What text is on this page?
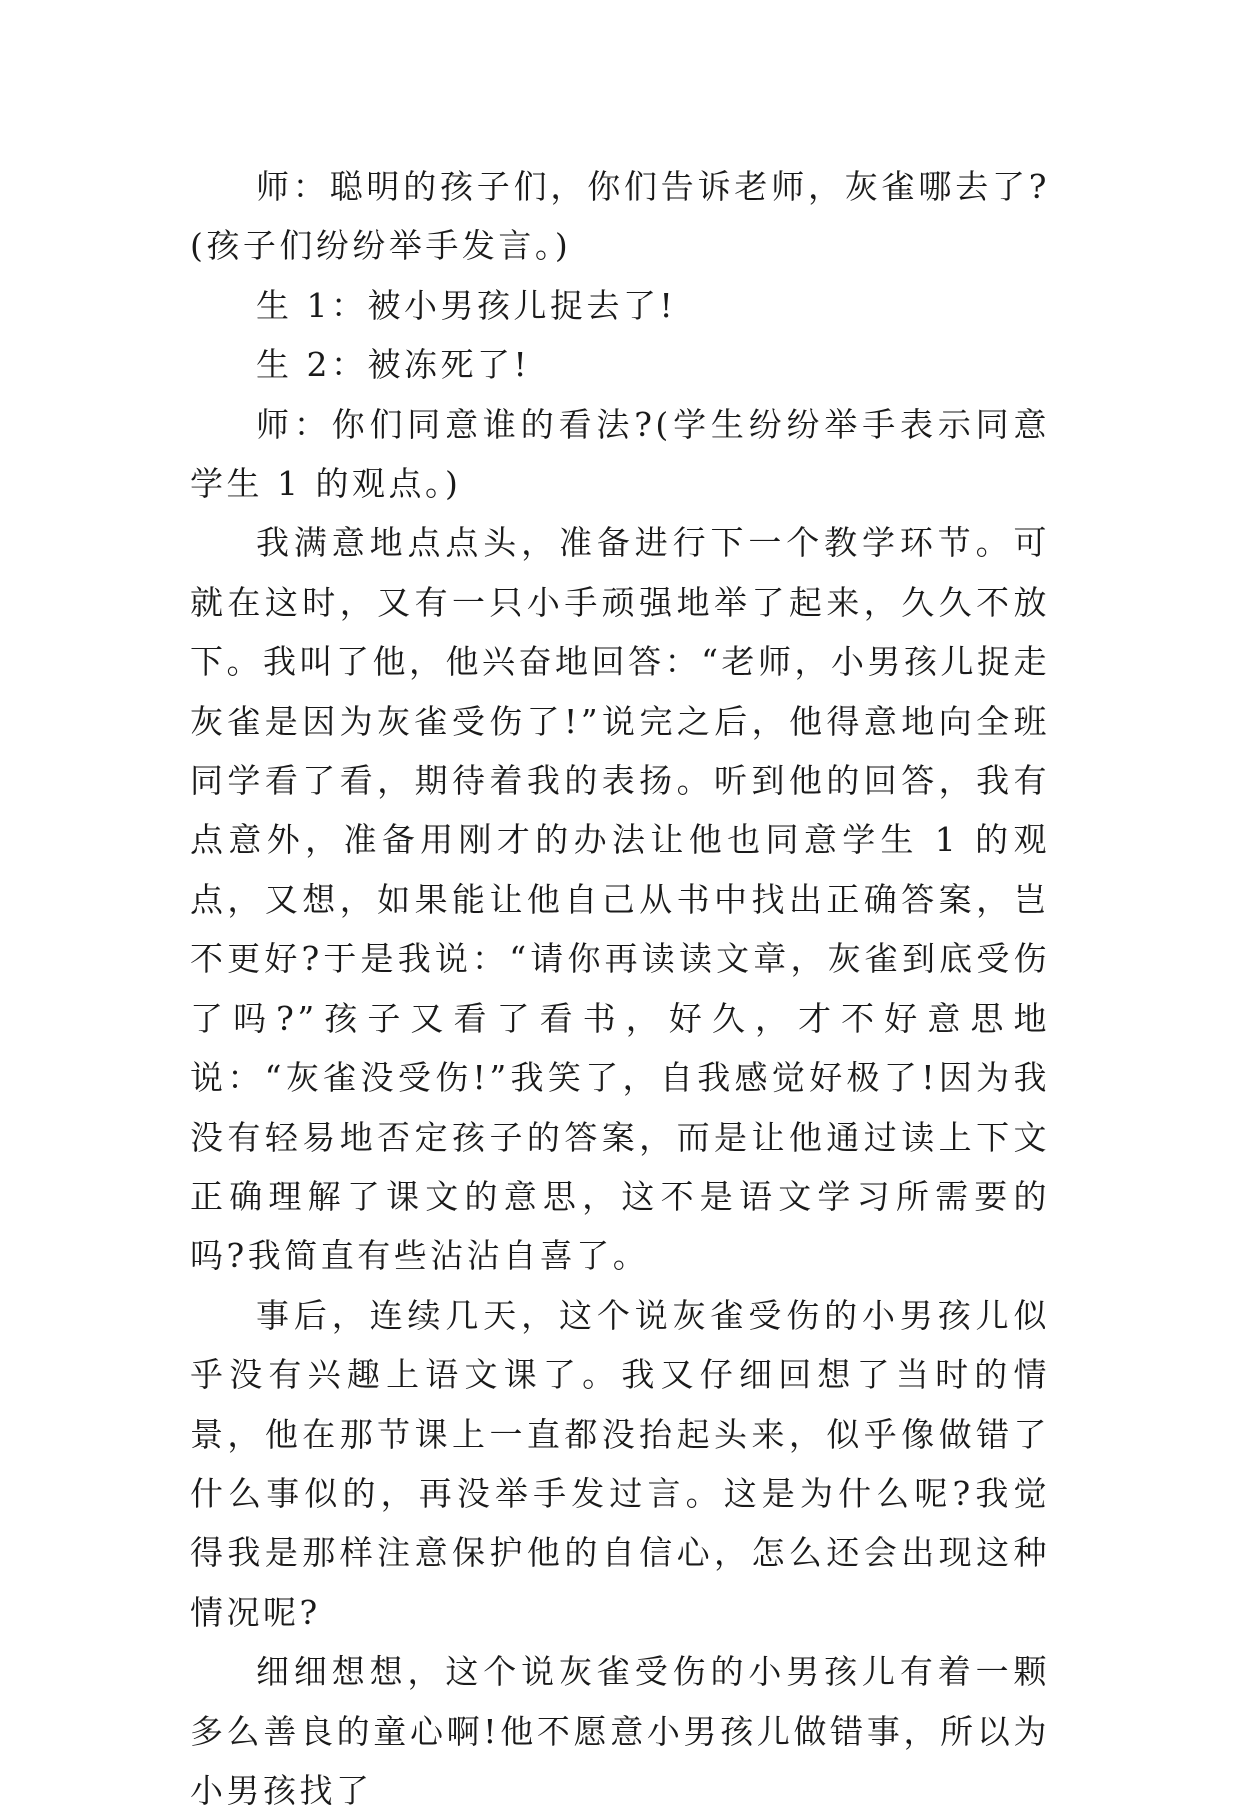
师：聪明的孩子们，你们告诉老师，灰雀哪去了?(孩子们纷纷举手发言。)

生 1：被小男孩儿捉去了!

生 2：被冻死了!

师：你们同意谁的看法?(学生纷纷举手表示同意学生 1 的观点。)

我满意地点点头，准备进行下一个教学环节。可就在这时，又有一只小手顽强地举了起来，久久不放下。我叫了他，他兴奋地回答：“老师，小男孩儿捉走灰雀是因为灰雀受伤了!”说完之后，他得意地向全班同学看了看，期待着我的表扬。听到他的回答，我有点意外，准备用刚才的办法让他也同意学生 1 的观点，又想，如果能让他自己从书中找出正确答案，岂不更好?于是我说：“请你再读读文章，灰雀到底受伤了吗?”孩子又看了看书，好久，才不好意思地说：“灰雀没受伤!”我笑了，自我感觉好极了!因为我没有轻易地否定孩子的答案，而是让他通过读上下文正确理解了课文的意思，这不是语文学习所需要的吗?我简直有些沾沾自喜了。

事后，连续几天，这个说灰雀受伤的小男孩儿似乎没有兴趣上语文课了。我又仔细回想了当时的情景，他在那节课上一直都没抬起头来，似乎像做错了什么事似的，再没举手发过言。这是为什么呢?我觉得我是那样注意保护他的自信心，怎么还会出现这种情况呢?

细细想想，这个说灰雀受伤的小男孩儿有着一颗多么善良的童心啊!他不愿意小男孩儿做错事，所以为小男孩找了
